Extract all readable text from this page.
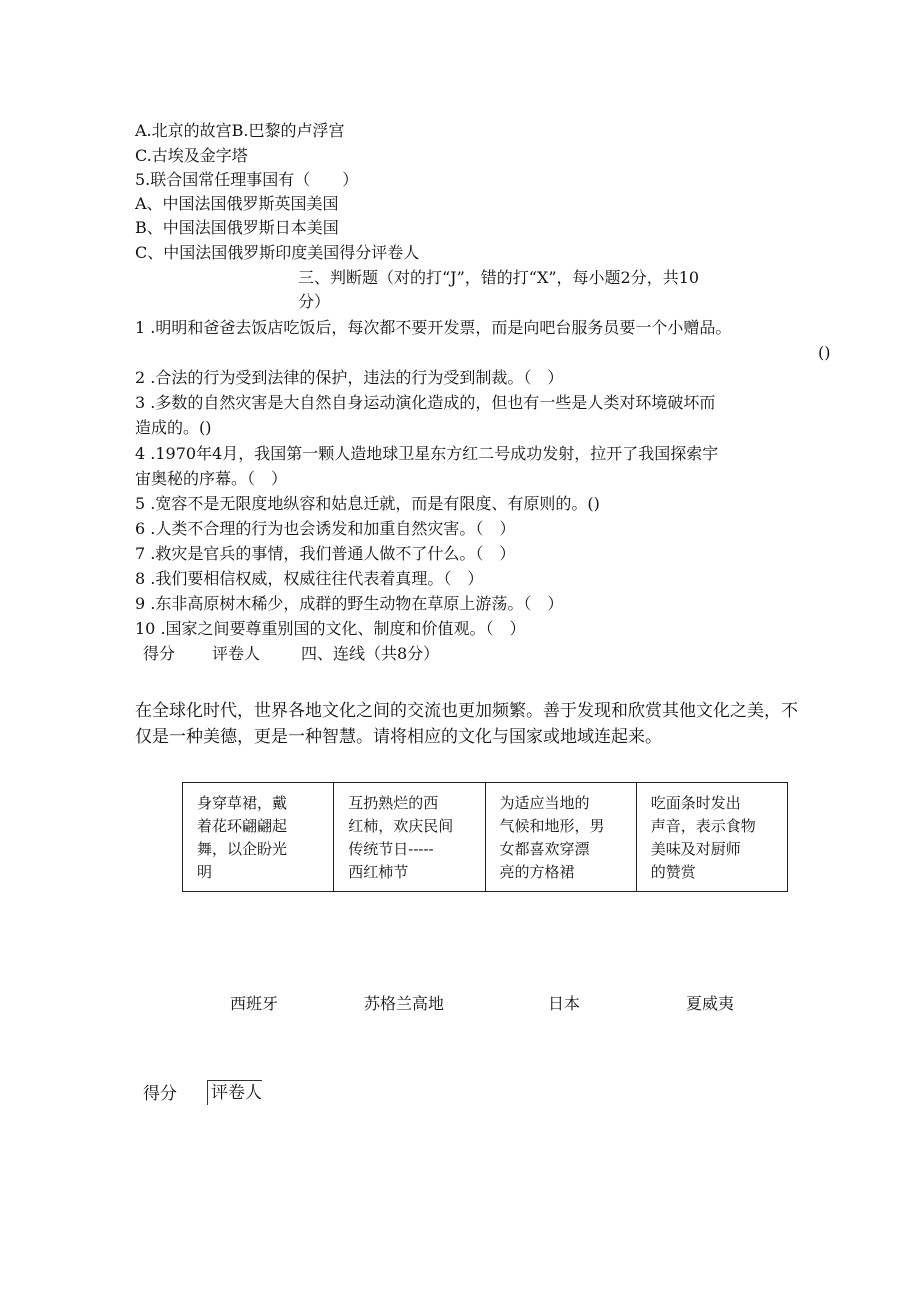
A.北京的故宫B.巴黎的卢浮宫
C.古埃及金字塔
5.联合国常任理事国有（　　）
A、中国法国俄罗斯英国美国
B、中国法国俄罗斯日本美国
C、中国法国俄罗斯印度美国得分评卷人
三、判断题（对的打“J”，错的打“X”，每小题2分，共10
分）
1 .明明和爸爸去饭店吃饭后，每次都不要开发票，而是向吧台服务员要一个小赠品。
()
2 .合法的行为受到法律的保护，违法的行为受到制裁。（　）
3 .多数的自然灾害是大自然自身运动演化造成的，但也有一些是人类对环境破坏而
造成的。()
4 .1970年4月，我国第一颗人造地球卫星东方红二号成功发射，拉开了我国探索宇
宙奥秘的序幕。（　）
5 .宽容不是无限度地纵容和姑息迁就，而是有限度、有原则的。()
6 .人类不合理的行为也会诱发和加重自然灾害。（　）
7 .救灾是官兵的事情，我们普通人做不了什么。（　）
8 .我们要相信权威，权威往往代表着真理。（　）
9 .东非高原树木稀少，成群的野生动物在草原上游荡。（　）
10 .国家之间要尊重别国的文化、制度和价值观。（　）
得分 评卷人	四、连线（共8分）
在全球化时代，世界各地文化之间的交流也更加频繁。善于发现和欣赏其他文化之美，不仅是一种美德，更是一种智慧。请将相应的文化与国家或地域连起来。
身穿草裙，戴
着花环翩翩起
舞，以企盼光
明	互扔熟烂的西
红柿，欢庆民间
传统节日-----
西红柿节	为适应当地的
气候和地形，男
女都喜欢穿漂
亮的方格裙	吃面条时发出
声音，表示食物
美味及对厨师
的赞赏
西班牙	苏格兰高地	日本	夏威夷
得分 评卷人
